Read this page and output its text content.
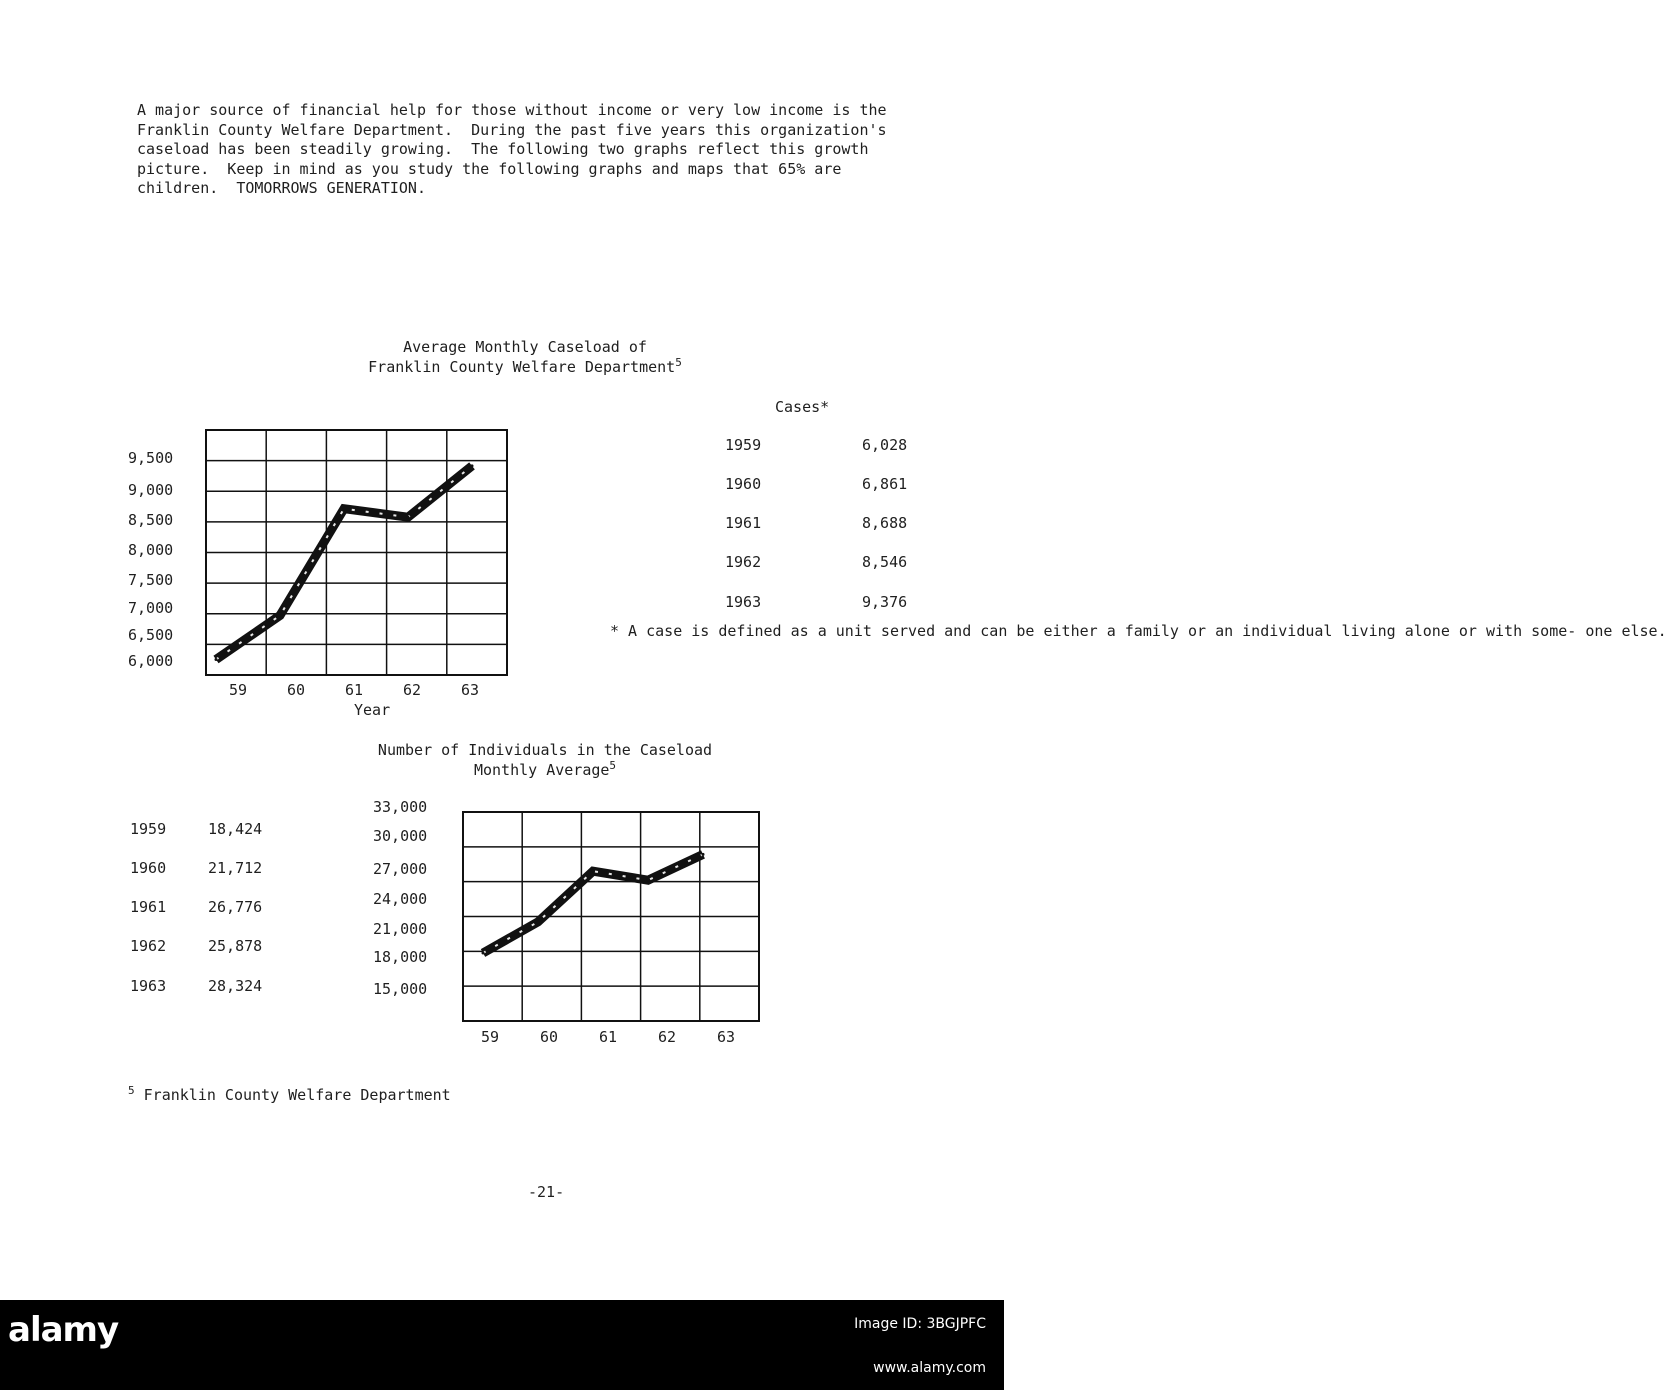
A major source of financial help for those without income or very low income is the
Franklin County Welfare Department.  During the past five years this organization's
caseload has been steadily growing.  The following two graphs reflect this growth
picture.  Keep in mind as you study the following graphs and maps that 65% are
children.  TOMORROWS GENERATION.
Average Monthly Caseload of
Franklin County Welfare Department$^5$
Cases*
1959	6,028
1960	6,861
1961	8,688
1962	8,546
1963	9,376
* A case is defined as a unit served and can be either a family or an individual living alone or with some- one else.
Number of Individuals in the Caseload
Monthly Average$^5$
1959	18,424
1960	21,712
1961	26,776
1962	25,878
1963	28,324
6,000
6,500
7,000
7,500
8,000
8,500
9,000
9,500
59	60	61	62	63
Year
15,000
18,000
21,000
24,000
27,000
30,000
33,000
59	60	61	62	63
$^5$ Franklin County Welfare Department
-21-
alamy	Image ID: 3BGJPFC
www.alamy.com
